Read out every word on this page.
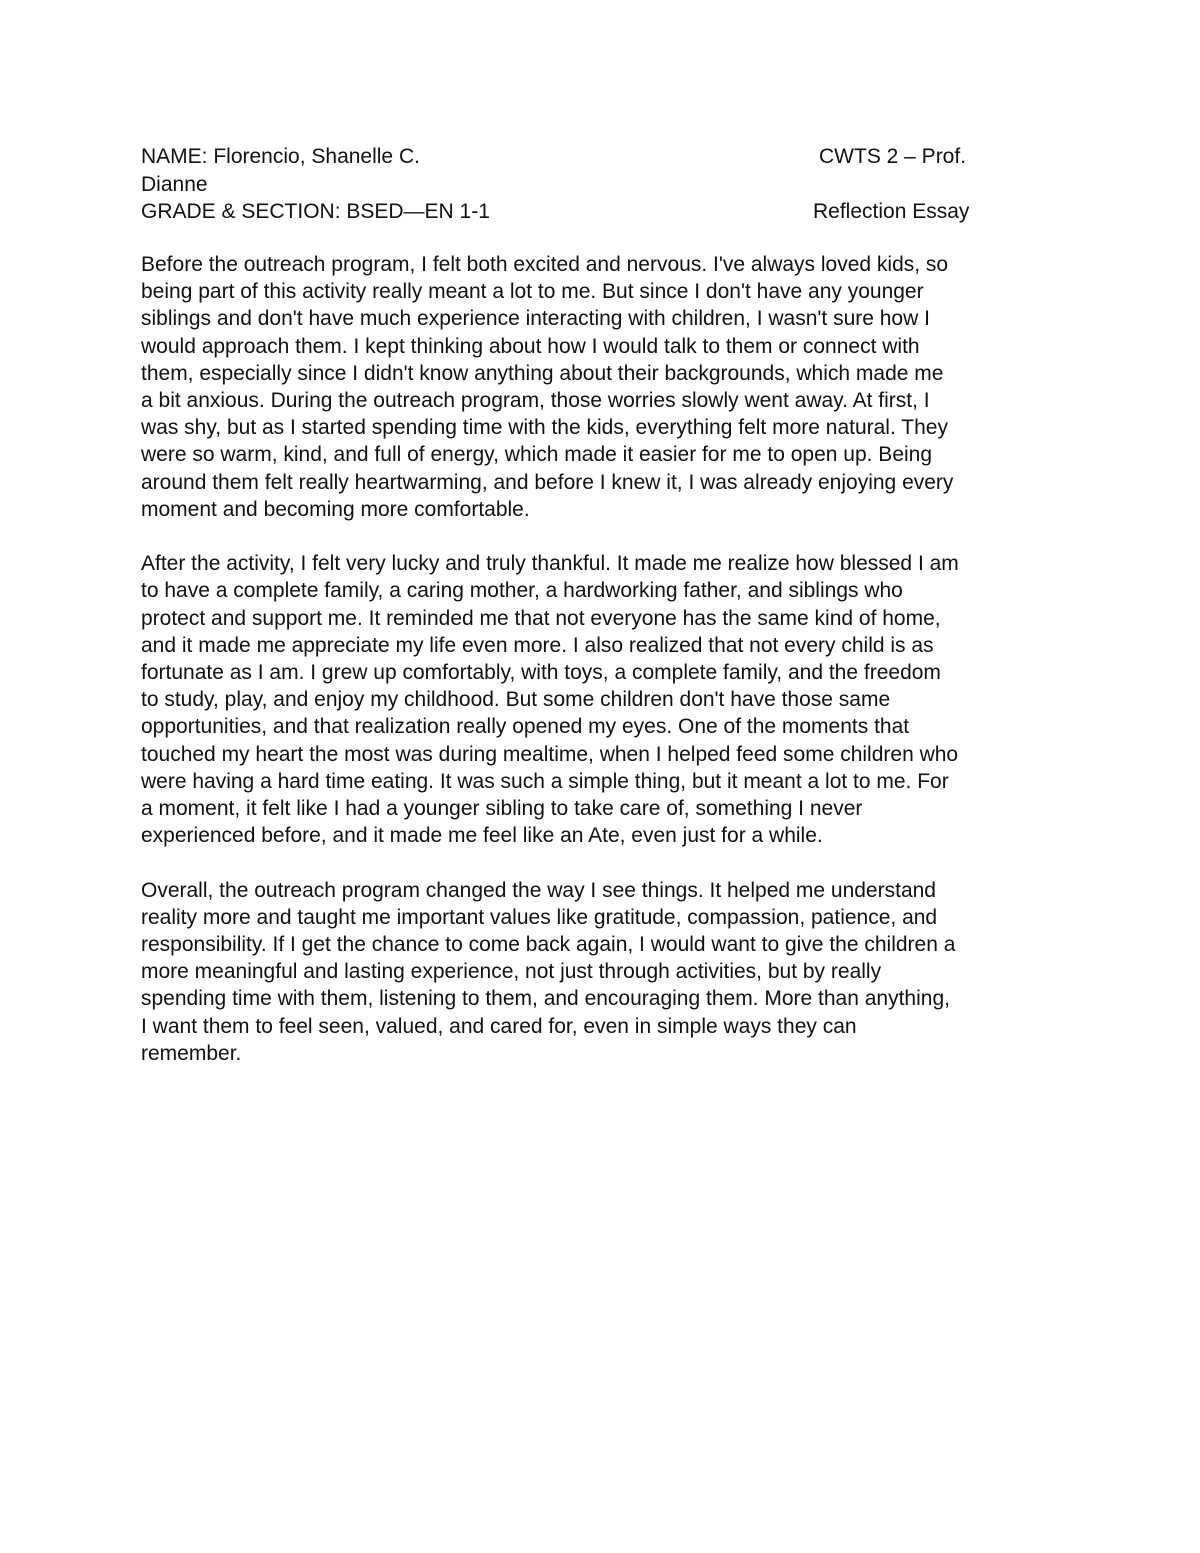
NAME: Florencio, Shanelle C.	CWTS 2 – Prof.
Dianne
GRADE & SECTION: BSED—EN 1-1	Reflection Essay

Before the outreach program, I felt both excited and nervous. I've always loved kids, so
being part of this activity really meant a lot to me. But since I don't have any younger
siblings and don't have much experience interacting with children, I wasn't sure how I
would approach them. I kept thinking about how I would talk to them or connect with
them, especially since I didn't know anything about their backgrounds, which made me
a bit anxious. During the outreach program, those worries slowly went away. At first, I
was shy, but as I started spending time with the kids, everything felt more natural. They
were so warm, kind, and full of energy, which made it easier for me to open up. Being
around them felt really heartwarming, and before I knew it, I was already enjoying every
moment and becoming more comfortable.

After the activity, I felt very lucky and truly thankful. It made me realize how blessed I am
to have a complete family, a caring mother, a hardworking father, and siblings who
protect and support me. It reminded me that not everyone has the same kind of home,
and it made me appreciate my life even more. I also realized that not every child is as
fortunate as I am. I grew up comfortably, with toys, a complete family, and the freedom
to study, play, and enjoy my childhood. But some children don't have those same
opportunities, and that realization really opened my eyes. One of the moments that
touched my heart the most was during mealtime, when I helped feed some children who
were having a hard time eating. It was such a simple thing, but it meant a lot to me. For
a moment, it felt like I had a younger sibling to take care of, something I never
experienced before, and it made me feel like an Ate, even just for a while.

Overall, the outreach program changed the way I see things. It helped me understand
reality more and taught me important values like gratitude, compassion, patience, and
responsibility. If I get the chance to come back again, I would want to give the children a
more meaningful and lasting experience, not just through activities, but by really
spending time with them, listening to them, and encouraging them. More than anything,
I want them to feel seen, valued, and cared for, even in simple ways they can
remember.
